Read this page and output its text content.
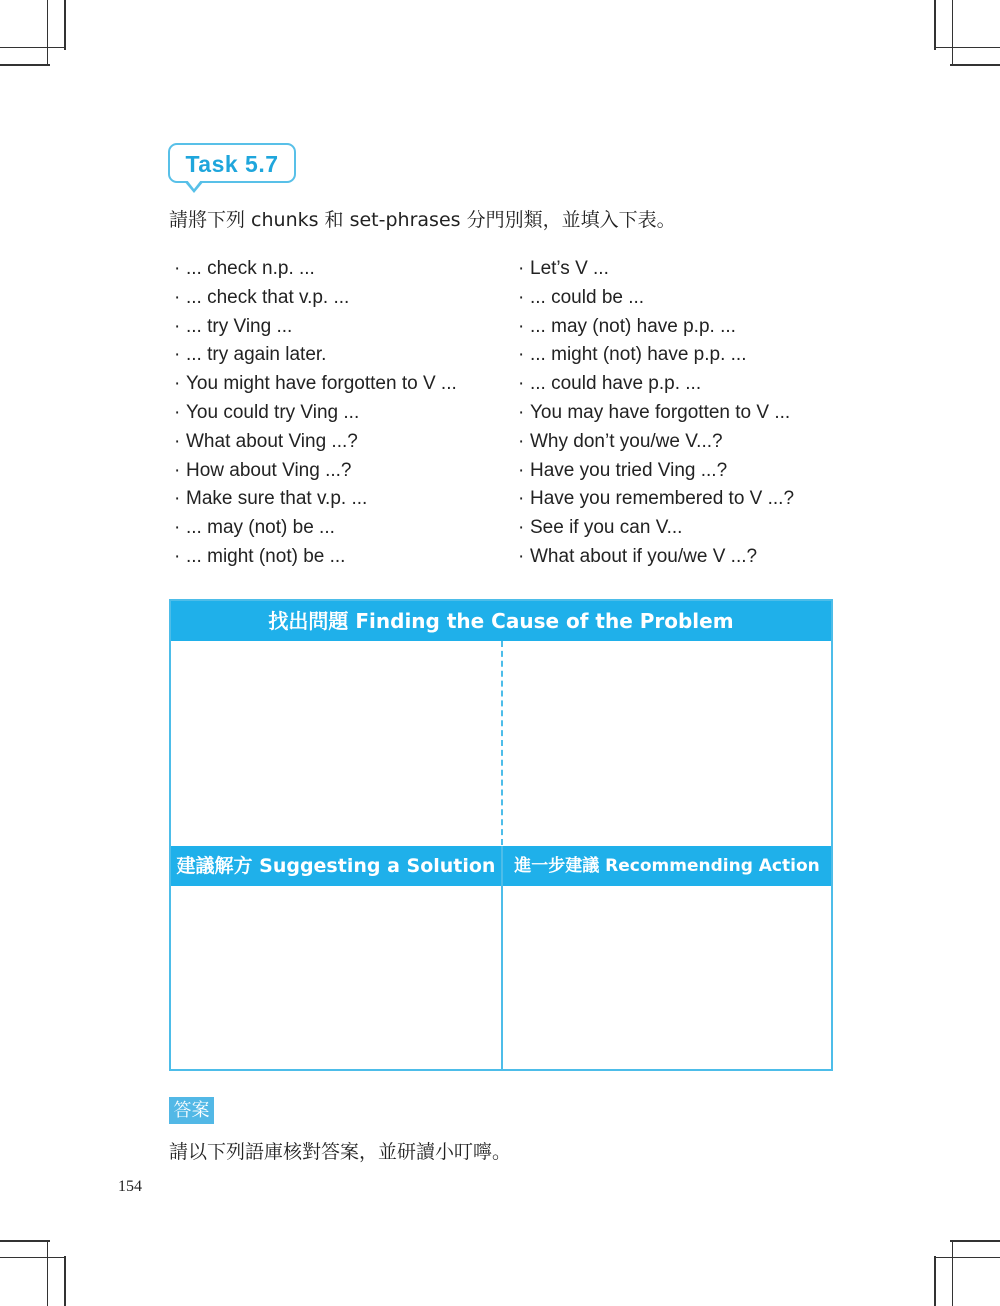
Task 5.7
請將下列 chunks 和 set-phrases 分門別類，並填入下表。
· ... check n.p. ...
· ... check that v.p. ...
· ... try Ving ...
· ... try again later.
· You might have forgotten to V ...
· You could try Ving ...
· What about Ving ...?
· How about Ving ...?
· Make sure that v.p. ...
· ... may (not) be ...
· ... might (not) be ...
· Let’s V ...
· ... could be ...
· ... may (not) have p.p. ...
· ... might (not) have p.p. ...
· ... could have p.p. ...
· You may have forgotten to V ...
· Why don’t you/we V...?
· Have you tried Ving ...?
· Have you remembered to V ...?
· See if you can V...
· What about if you/we V ...?
找出問題 Finding the Cause of the Problem
建議解方 Suggesting a Solution	進一步建議 Recommending Action
答案
請以下列語庫核對答案，並研讀小叮嚀。
154
